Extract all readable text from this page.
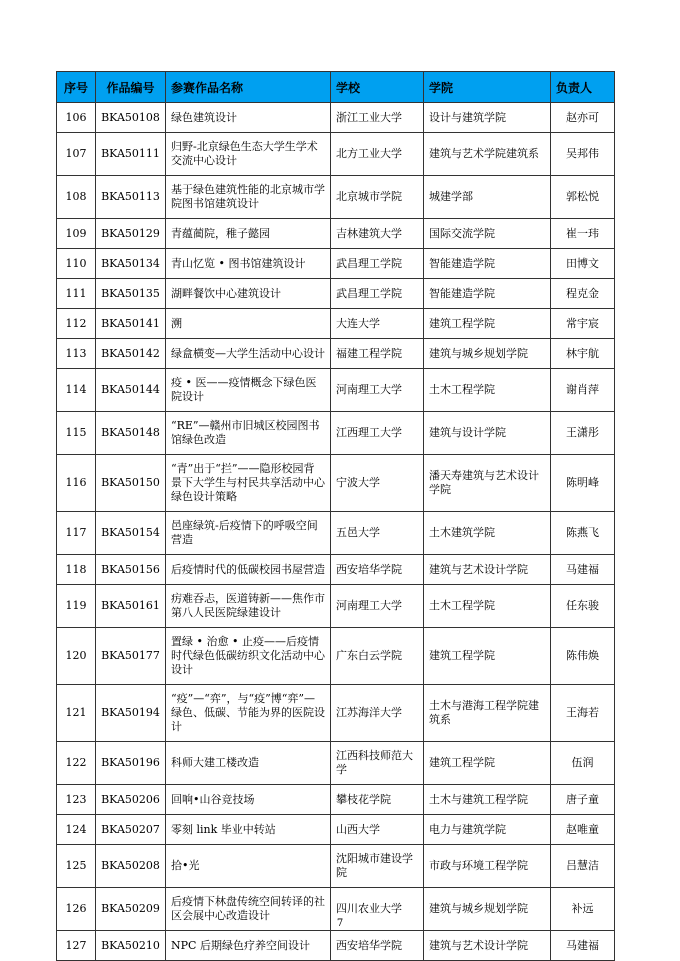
序号	作品编号	参赛作品名称	学校	学院	负责人
106	BKA50108	绿色建筑设计	浙江工业大学	设计与建筑学院	赵亦可
107	BKA50111	归野-北京绿色生态大学生学术交流中心设计	北方工业大学	建筑与艺术学院建筑系	吴邦伟
108	BKA50113	基于绿色建筑性能的北京城市学院图书馆建筑设计	北京城市学院	城建学部	郭松悦
109	BKA50129	青蕴蔺院，稚子懿园	吉林建筑大学	国际交流学院	崔一玮
110	BKA50134	青山忆览 • 图书馆建筑设计	武昌理工学院	智能建造学院	田博文
111	BKA50135	湖畔餐饮中心建筑设计	武昌理工学院	智能建造学院	程克金
112	BKA50141	溯	大连大学	建筑工程学院	常宇宸
113	BKA50142	绿盒横变—大学生活动中心设计	福建工程学院	建筑与城乡规划学院	林宇航
114	BKA50144	疫 • 医——疫情概念下绿色医院设计	河南理工大学	土木工程学院	谢肖萍
115	BKA50148	“RE”—赣州市旧城区校园图书馆绿色改造	江西理工大学	建筑与设计学院	王潇彤
116	BKA50150	“青”出于“拦”——隐形校园背景下大学生与村民共享活动中心绿色设计策略	宁波大学	潘天寿建筑与艺术设计学院	陈明峰
117	BKA50154	邑座绿筑-后疫情下的呼吸空间营造	五邑大学	土木建筑学院	陈燕飞
118	BKA50156	后疫情时代的低碳校园书屋营造	西安培华学院	建筑与艺术设计学院	马建福
119	BKA50161	疠难吞忐，医道铸新——焦作市第八人民医院绿建设计	河南理工大学	土木工程学院	任东骏
120	BKA50177	置绿 • 治愈 • 止疫——后疫情时代绿色低碳纺织文化活动中心设计	广东白云学院	建筑工程学院	陈伟焕
121	BKA50194	“疫”—“弈”，与“疫”博“弈”—绿色、低碳、节能为界的医院设计	江苏海洋大学	土木与港海工程学院建筑系	王海若
122	BKA50196	科师大建工楼改造	江西科技师范大学	建筑工程学院	伍润
123	BKA50206	回响•山谷竞技场	攀枝花学院	土木与建筑工程学院	唐子童
124	BKA50207	零刻 link 毕业中转站	山西大学	电力与建筑学院	赵唯童
125	BKA50208	拾•光	沈阳城市建设学院	市政与环境工程学院	吕慧洁
126	BKA50209	后疫情下林盘传统空间转译的社区会展中心改造设计	四川农业大学	建筑与城乡规划学院	补远
127	BKA50210	NPC 后期绿色疗养空间设计	西安培华学院	建筑与艺术设计学院	马建福
7
